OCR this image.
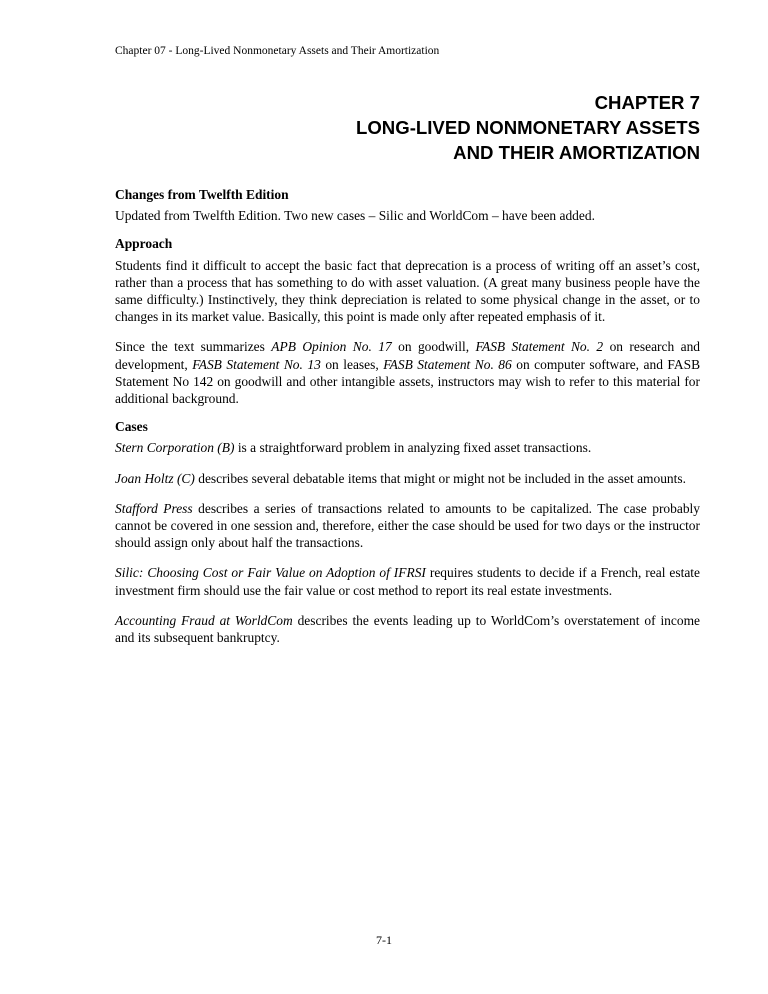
Chapter 07 - Long-Lived Nonmonetary Assets and Their Amortization
CHAPTER 7
LONG-LIVED NONMONETARY ASSETS
AND THEIR AMORTIZATION
Changes from Twelfth Edition

Updated from Twelfth Edition. Two new cases – Silic and WorldCom – have been added.

Approach

Students find it difficult to accept the basic fact that deprecation is a process of writing off an asset’s cost, rather than a process that has something to do with asset valuation. (A great many business people have the same difficulty.) Instinctively, they think depreciation is related to some physical change in the asset, or to changes in its market value. Basically, this point is made only after repeated emphasis of it.

Since the text summarizes APB Opinion No. 17 on goodwill, FASB Statement No. 2 on research and development, FASB Statement No. 13 on leases, FASB Statement No. 86 on computer software, and FASB Statement No 142 on goodwill and other intangible assets, instructors may wish to refer to this material for additional background.

Cases

Stern Corporation (B) is a straightforward problem in analyzing fixed asset transactions.

Joan Holtz (C) describes several debatable items that might or might not be included in the asset amounts.

Stafford Press describes a series of transactions related to amounts to be capitalized. The case probably cannot be covered in one session and, therefore, either the case should be used for two days or the instructor should assign only about half the transactions.

Silic: Choosing Cost or Fair Value on Adoption of IFRSI requires students to decide if a French, real estate investment firm should use the fair value or cost method to report its real estate investments.

Accounting Fraud at WorldCom describes the events leading up to WorldCom’s overstatement of income and its subsequent bankruptcy.

7-1
